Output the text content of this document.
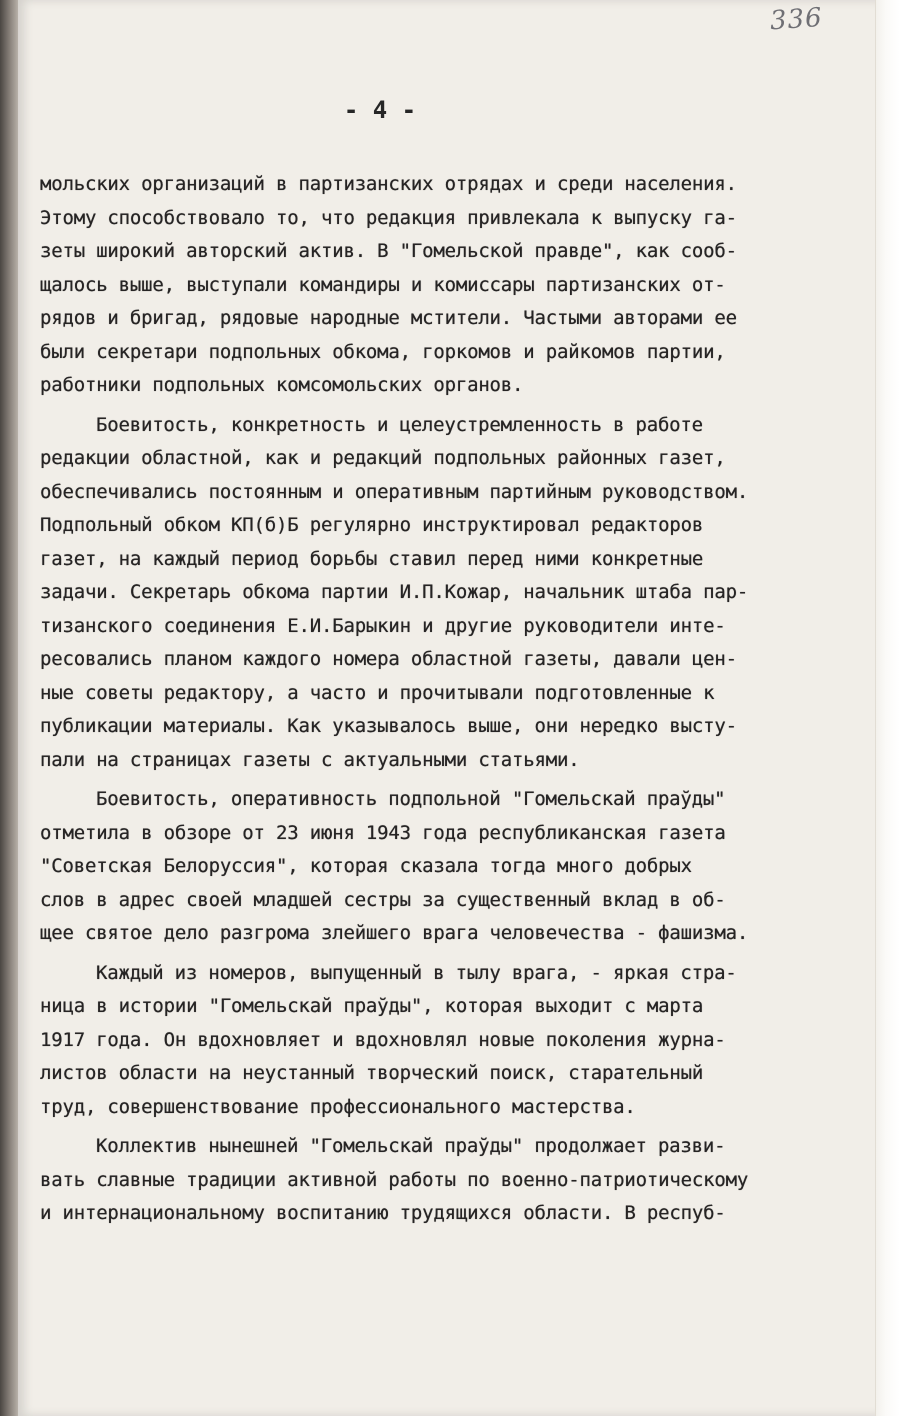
336
- 4 -
мольских организаций в партизанских отрядах и среди населения.
Этому способствовало то, что редакция привлекала к выпуску га-
зеты широкий авторский актив. В "Гомельской правде", как сооб-
щалось выше, выступали командиры и комиссары партизанских от-
рядов и бригад, рядовые народные мстители. Частыми авторами ее
были секретари подпольных обкома, горкомов и райкомов партии,
работники подпольных комсомольских органов.
Боевитость, конкретность и целеустремленность в работе
редакции областной, как и редакций подпольных районных газет,
обеспечивались постоянным и оперативным партийным руководством.
Подпольный обком КП(б)Б регулярно инструктировал редакторов
газет, на каждый период борьбы ставил перед ними конкретные
задачи. Секретарь обкома партии И.П.Кожар, начальник штаба пар-
тизанского соединения Е.И.Барыкин и другие руководители инте-
ресовались планом каждого номера областной газеты, давали цен-
ные советы редактору, а часто и прочитывали подготовленные к
публикации материалы. Как указывалось выше, они нередко высту-
пали на страницах газеты с актуальными статьями.
Боевитость, оперативность подпольной "Гомельскай праўды"
отметила в обзоре от 23 июня 1943 года республиканская газета
"Советская Белоруссия", которая сказала тогда много добрых
слов в адрес своей младшей сестры за существенный вклад в об-
щее святое дело разгрома злейшего врага человечества - фашизма.
Каждый из номеров, выпущенный в тылу врага, - яркая стра-
ница в истории "Гомельскай праўды", которая выходит с марта
1917 года. Он вдохновляет и вдохновлял новые поколения журна-
листов области на неустанный творческий поиск, старательный
труд, совершенствование профессионального мастерства.
Коллектив нынешней "Гомельскай праўды" продолжает разви-
вать славные традиции активной работы по военно-патриотическому
и интернациональному воспитанию трудящихся области. В респуб-
